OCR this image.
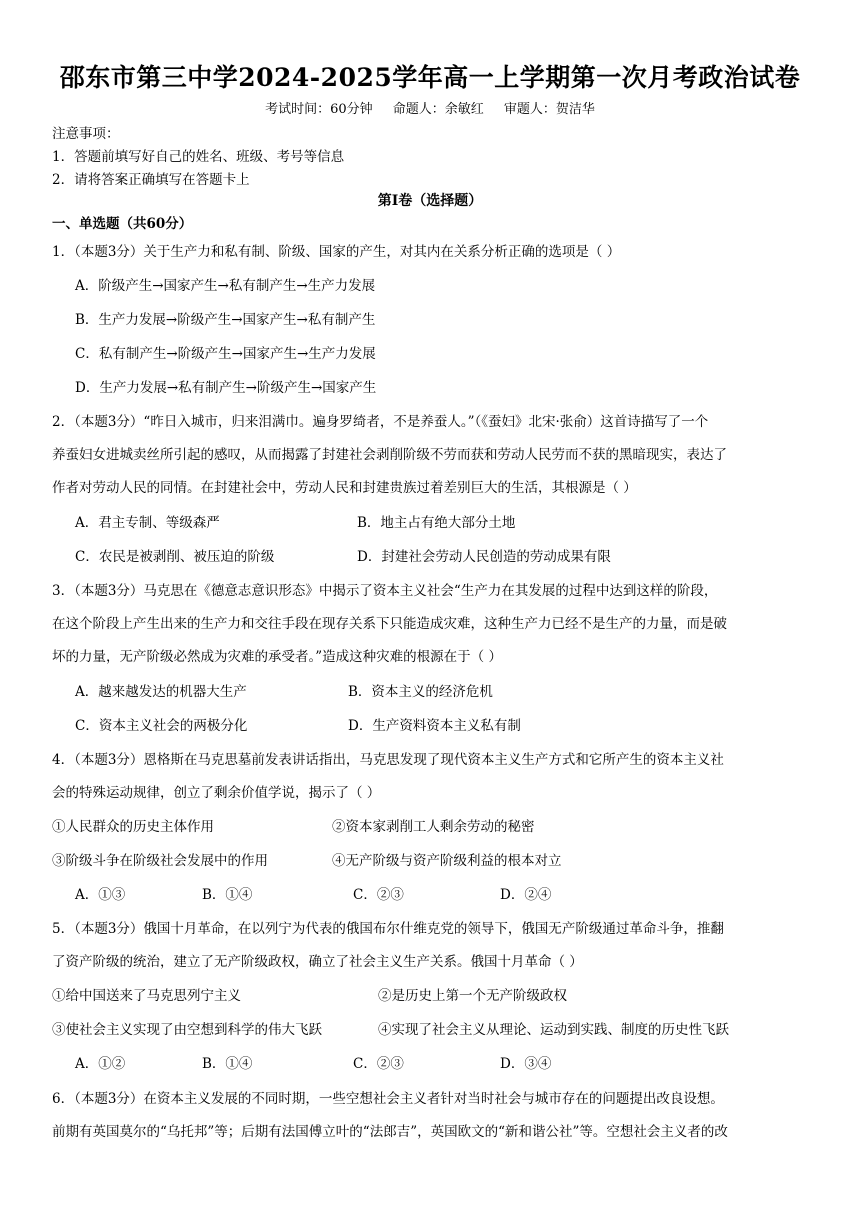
邵东市第三中学2024-2025学年高一上学期第一次月考政治试卷
考试时间：60分钟 命题人：余敏红 审题人：贺洁华
注意事项：
1．答题前填写好自己的姓名、班级、考号等信息
2．请将答案正确填写在答题卡上
第I卷（选择题）
一、单选题（共60分）
1．（本题3分）关于生产力和私有制、阶级、国家的产生，对其内在关系分析正确的选项是（ ）
A．阶级产生→国家产生→私有制产生→生产力发展
B．生产力发展→阶级产生→国家产生→私有制产生
C．私有制产生→阶级产生→国家产生→生产力发展
D．生产力发展→私有制产生→阶级产生→国家产生
2．（本题3分）“昨日入城市，归来泪满巾。遍身罗绮者，不是养蚕人。”（《蚕妇》北宋·张俞）这首诗描写了一个
养蚕妇女进城卖丝所引起的感叹，从而揭露了封建社会剥削阶级不劳而获和劳动人民劳而不获的黑暗现实，表达了
作者对劳动人民的同情。在封建社会中，劳动人民和封建贵族过着差别巨大的生活，其根源是（ ）
A．君主专制、等级森严	B．地主占有绝大部分土地
C．农民是被剥削、被压迫的阶级	D．封建社会劳动人民创造的劳动成果有限
3．（本题3分）马克思在《德意志意识形态》中揭示了资本主义社会“生产力在其发展的过程中达到这样的阶段，
在这个阶段上产生出来的生产力和交往手段在现存关系下只能造成灾难，这种生产力已经不是生产的力量，而是破
坏的力量，无产阶级必然成为灾难的承受者。”造成这种灾难的根源在于（ ）
A．越来越发达的机器大生产	B．资本主义的经济危机
C．资本主义社会的两极分化	D．生产资料资本主义私有制
4．（本题3分）恩格斯在马克思墓前发表讲话指出，马克思发现了现代资本主义生产方式和它所产生的资本主义社
会的特殊运动规律，创立了剩余价值学说，揭示了（ ）
①人民群众的历史主体作用	②资本家剥削工人剩余劳动的秘密
③阶级斗争在阶级社会发展中的作用	④无产阶级与资产阶级利益的根本对立
A．①③	B．①④	C．②③	D．②④
5．（本题3分）俄国十月革命，在以列宁为代表的俄国布尔什维克党的领导下，俄国无产阶级通过革命斗争，推翻
了资产阶级的统治，建立了无产阶级政权，确立了社会主义生产关系。俄国十月革命（ ）
①给中国送来了马克思列宁主义	②是历史上第一个无产阶级政权
③使社会主义实现了由空想到科学的伟大飞跃	④实现了社会主义从理论、运动到实践、制度的历史性飞跃
A．①②	B．①④	C．②③	D．③④
6．（本题3分）在资本主义发展的不同时期，一些空想社会主义者针对当时社会与城市存在的问题提出改良设想。
前期有英国莫尔的“乌托邦”等；后期有法国傅立叶的“法郎吉”，英国欧文的“新和谐公社”等。空想社会主义者的改
